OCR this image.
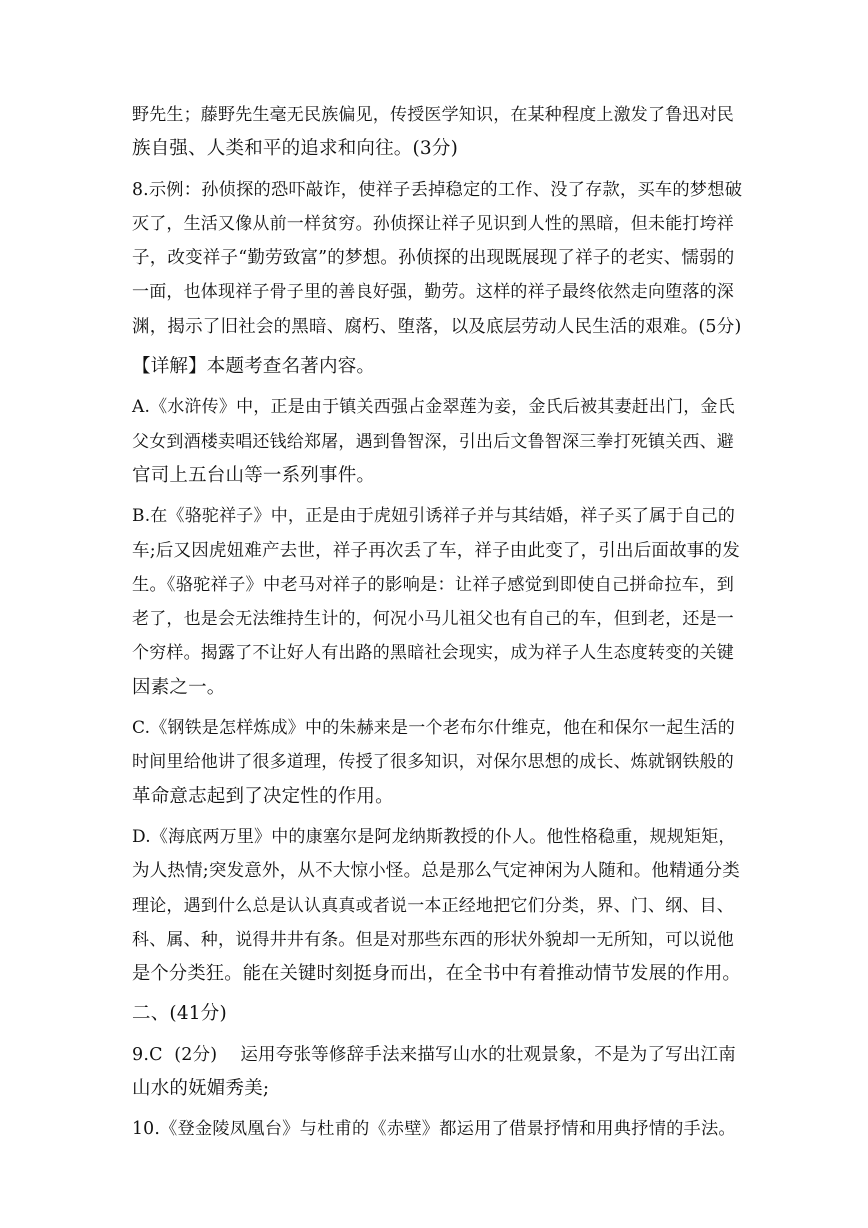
野先生；藤野先生毫无民族偏见，传授医学知识，在某种程度上激发了鲁迅对民
族自强、人类和平的追求和向往。(3分)

8.示例：孙侦探的恐吓敲诈，使祥子丢掉稳定的工作、没了存款，买车的梦想破
灭了，生活又像从前一样贫穷。孙侦探让祥子见识到人性的黑暗，但未能打垮祥
子，改变祥子“勤劳致富”的梦想。孙侦探的出现既展现了祥子的老实、懦弱的
一面，也体现祥子骨子里的善良好强，勤劳。这样的祥子最终依然走向堕落的深
渊，揭示了旧社会的黑暗、腐朽、堕落，以及底层劳动人民生活的艰难。(5分)

【详解】本题考查名著内容。

A.《水浒传》中，正是由于镇关西强占金翠莲为妾，金氏后被其妻赶出门，金氏
父女到酒楼卖唱还钱给郑屠，遇到鲁智深，引出后文鲁智深三拳打死镇关西、避
官司上五台山等一系列事件。

B.在《骆驼祥子》中，正是由于虎妞引诱祥子并与其结婚，祥子买了属于自己的
车;后又因虎妞难产去世，祥子再次丢了车，祥子由此变了，引出后面故事的发
生。《骆驼祥子》中老马对祥子的影响是：让祥子感觉到即使自己拼命拉车，到
老了，也是会无法维持生计的，何况小马儿祖父也有自己的车，但到老，还是一
个穷样。揭露了不让好人有出路的黑暗社会现实，成为祥子人生态度转变的关键
因素之一。

C.《钢铁是怎样炼成》中的朱赫来是一个老布尔什维克，他在和保尔一起生活的
时间里给他讲了很多道理，传授了很多知识，对保尔思想的成长、炼就钢铁般的
革命意志起到了决定性的作用。

D.《海底两万里》中的康塞尔是阿龙纳斯教授的仆人。他性格稳重，规规矩矩，
为人热情;突发意外，从不大惊小怪。总是那么气定神闲为人随和。他精通分类
理论，遇到什么总是认认真真或者说一本正经地把它们分类，界、门、纲、目、
科、属、种，说得井井有条。但是对那些东西的形状外貌却一无所知，可以说他
是个分类狂。能在关键时刻挺身而出，在全书中有着推动情节发展的作用。

二、(41分)

9.C  (2分)    运用夸张等修辞手法来描写山水的壮观景象，不是为了写出江南
山水的妩媚秀美;

10.《登金陵凤凰台》与杜甫的《赤壁》都运用了借景抒情和用典抒情的手法。
